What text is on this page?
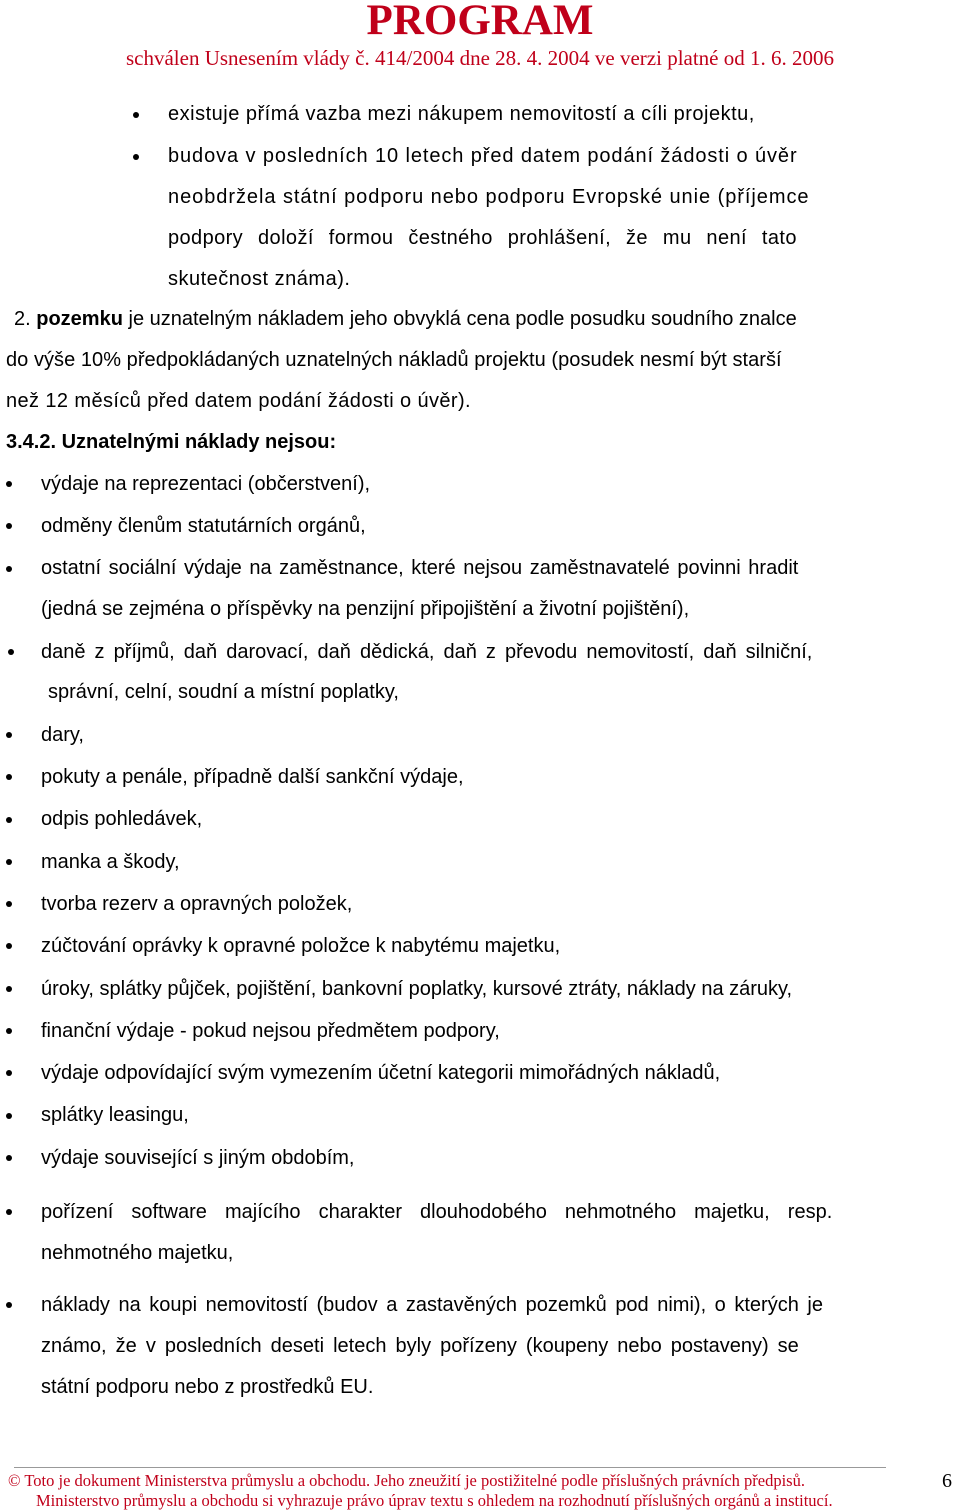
PROGRAM
schválen Usnesením vlády č. 414/2004 dne 28. 4. 2004 ve verzi platné od 1. 6. 2006
existuje přímá vazba mezi nákupem nemovitostí a cíli projektu,
budova v posledních 10 letech před datem podání žádosti o úvěr
neobdržela státní podporu nebo podporu Evropské unie (příjemce
podpory doloží formou čestného prohlášení, že mu není tato
skutečnost známa).
2. pozemku je uznatelným nákladem jeho obvyklá cena podle posudku soudního znalce
do výše 10% předpokládaných uznatelných nákladů projektu (posudek nesmí být starší
než 12 měsíců před datem podání žádosti o úvěr).
3.4.2. Uznatelnými náklady nejsou:
výdaje na reprezentaci (občerstvení),
odměny členům statutárních orgánů,
ostatní sociální výdaje na zaměstnance, které nejsou zaměstnavatelé povinni hradit
(jedná se zejména o příspěvky na penzijní připojištění a životní pojištění),
daně z příjmů, daň darovací, daň dědická, daň z převodu nemovitostí, daň silniční,
správní, celní, soudní a místní poplatky,
dary,
pokuty a penále, případně další sankční výdaje,
odpis pohledávek,
manka a škody,
tvorba rezerv a opravných položek,
zúčtování oprávky k opravné položce k nabytému majetku,
úroky, splátky půjček, pojištění, bankovní poplatky, kursové ztráty, náklady na záruky,
finanční výdaje - pokud nejsou předmětem podpory,
výdaje odpovídající svým vymezením účetní kategorii mimořádných nákladů,
splátky leasingu,
výdaje související s jiným obdobím,
pořízení software majícího charakter dlouhodobého nehmotného majetku, resp.
nehmotného majetku,
náklady na koupi nemovitostí (budov a zastavěných pozemků pod nimi), o kterých je
známo, že v posledních deseti letech byly pořízeny (koupeny nebo postaveny) se
státní podporu nebo z prostředků EU.
© Toto je dokument Ministerstva průmyslu a obchodu. Jeho zneužití je postižitelné podle příslušných právních předpisů.
Ministerstvo průmyslu a obchodu si vyhrazuje právo úprav textu s ohledem na rozhodnutí příslušných orgánů a institucí.
6
